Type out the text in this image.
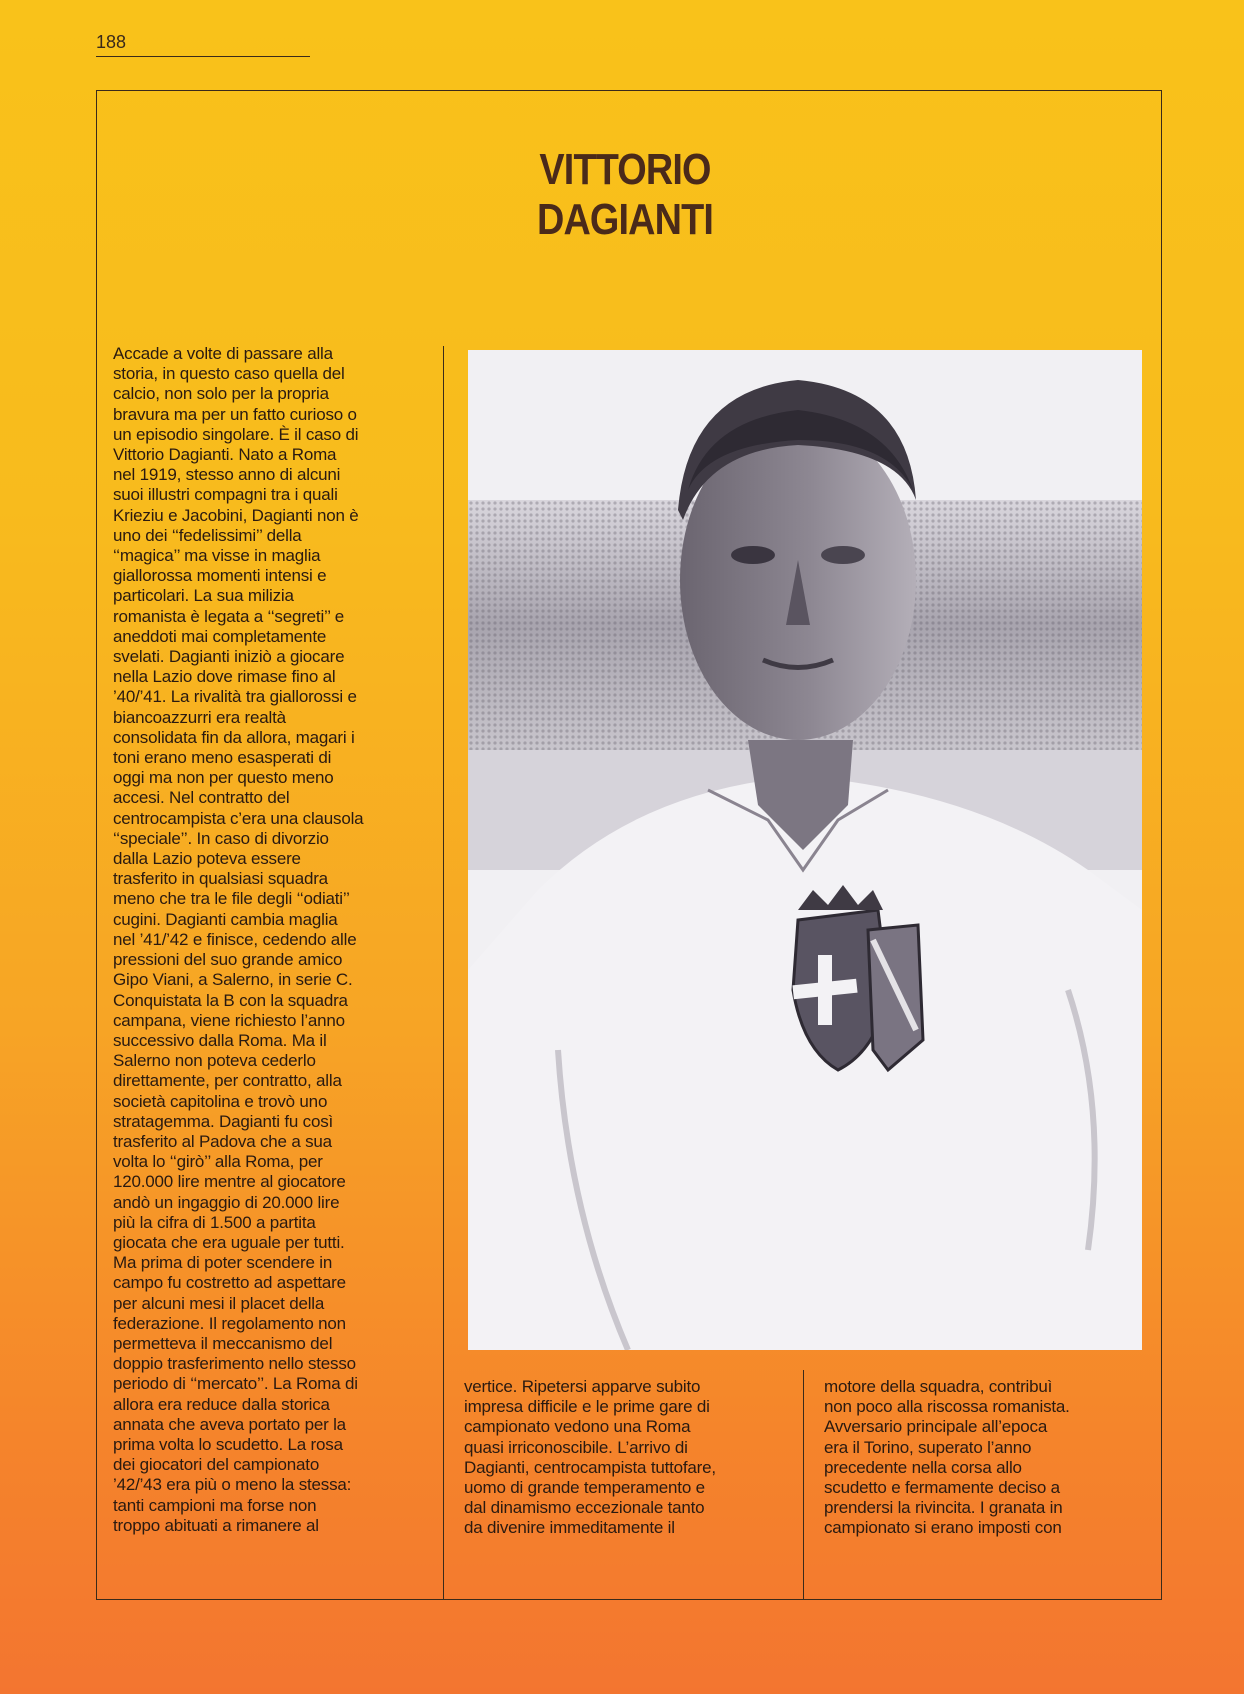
188
VITTORIO
DAGIANTI
Accade a volte di passare alla
storia, in questo caso quella del
calcio, non solo per la propria
bravura ma per un fatto curioso o
un episodio singolare. È il caso di
Vittorio Dagianti. Nato a Roma
nel 1919, stesso anno di alcuni
suoi illustri compagni tra i quali
Krieziu e Jacobini, Dagianti non è
uno dei ‘‘fedelissimi’’ della
‘‘magica’’ ma visse in maglia
giallorossa momenti intensi e
particolari. La sua milizia
romanista è legata a ‘‘segreti’’ e
aneddoti mai completamente
svelati. Dagianti iniziò a giocare
nella Lazio dove rimase fino al
’40/’41. La rivalità tra giallorossi e
biancoazzurri era realtà
consolidata fin da allora, magari i
toni erano meno esasperati di
oggi ma non per questo meno
accesi. Nel contratto del
centrocampista c’era una clausola
‘‘speciale’’. In caso di divorzio
dalla Lazio poteva essere
trasferito in qualsiasi squadra
meno che tra le file degli ‘‘odiati’’
cugini. Dagianti cambia maglia
nel ’41/’42 e finisce, cedendo alle
pressioni del suo grande amico
Gipo Viani, a Salerno, in serie C.
Conquistata la B con la squadra
campana, viene richiesto l’anno
successivo dalla Roma. Ma il
Salerno non poteva cederlo
direttamente, per contratto, alla
società capitolina e trovò uno
stratagemma. Dagianti fu così
trasferito al Padova che a sua
volta lo ‘‘girò’’ alla Roma, per
120.000 lire mentre al giocatore
andò un ingaggio di 20.000 lire
più la cifra di 1.500 a partita
giocata che era uguale per tutti.
Ma prima di poter scendere in
campo fu costretto ad aspettare
per alcuni mesi il placet della
federazione. Il regolamento non
permetteva il meccanismo del
doppio trasferimento nello stesso
periodo di ‘‘mercato’’. La Roma di
allora era reduce dalla storica
annata che aveva portato per la
prima volta lo scudetto. La rosa
dei giocatori del campionato
’42/’43 era più o meno la stessa:
tanti campioni ma forse non
troppo abituati a rimanere al
vertice. Ripetersi apparve subito
impresa difficile e le prime gare di
campionato vedono una Roma
quasi irriconoscibile. L’arrivo di
Dagianti, centrocampista tuttofare,
uomo di grande temperamento e
dal dinamismo eccezionale tanto
da divenire immeditamente il
motore della squadra, contribuì
non poco alla riscossa romanista.
Avversario principale all’epoca
era il Torino, superato l’anno
precedente nella corsa allo
scudetto e fermamente deciso a
prendersi la rivincita. I granata in
campionato si erano imposti con
